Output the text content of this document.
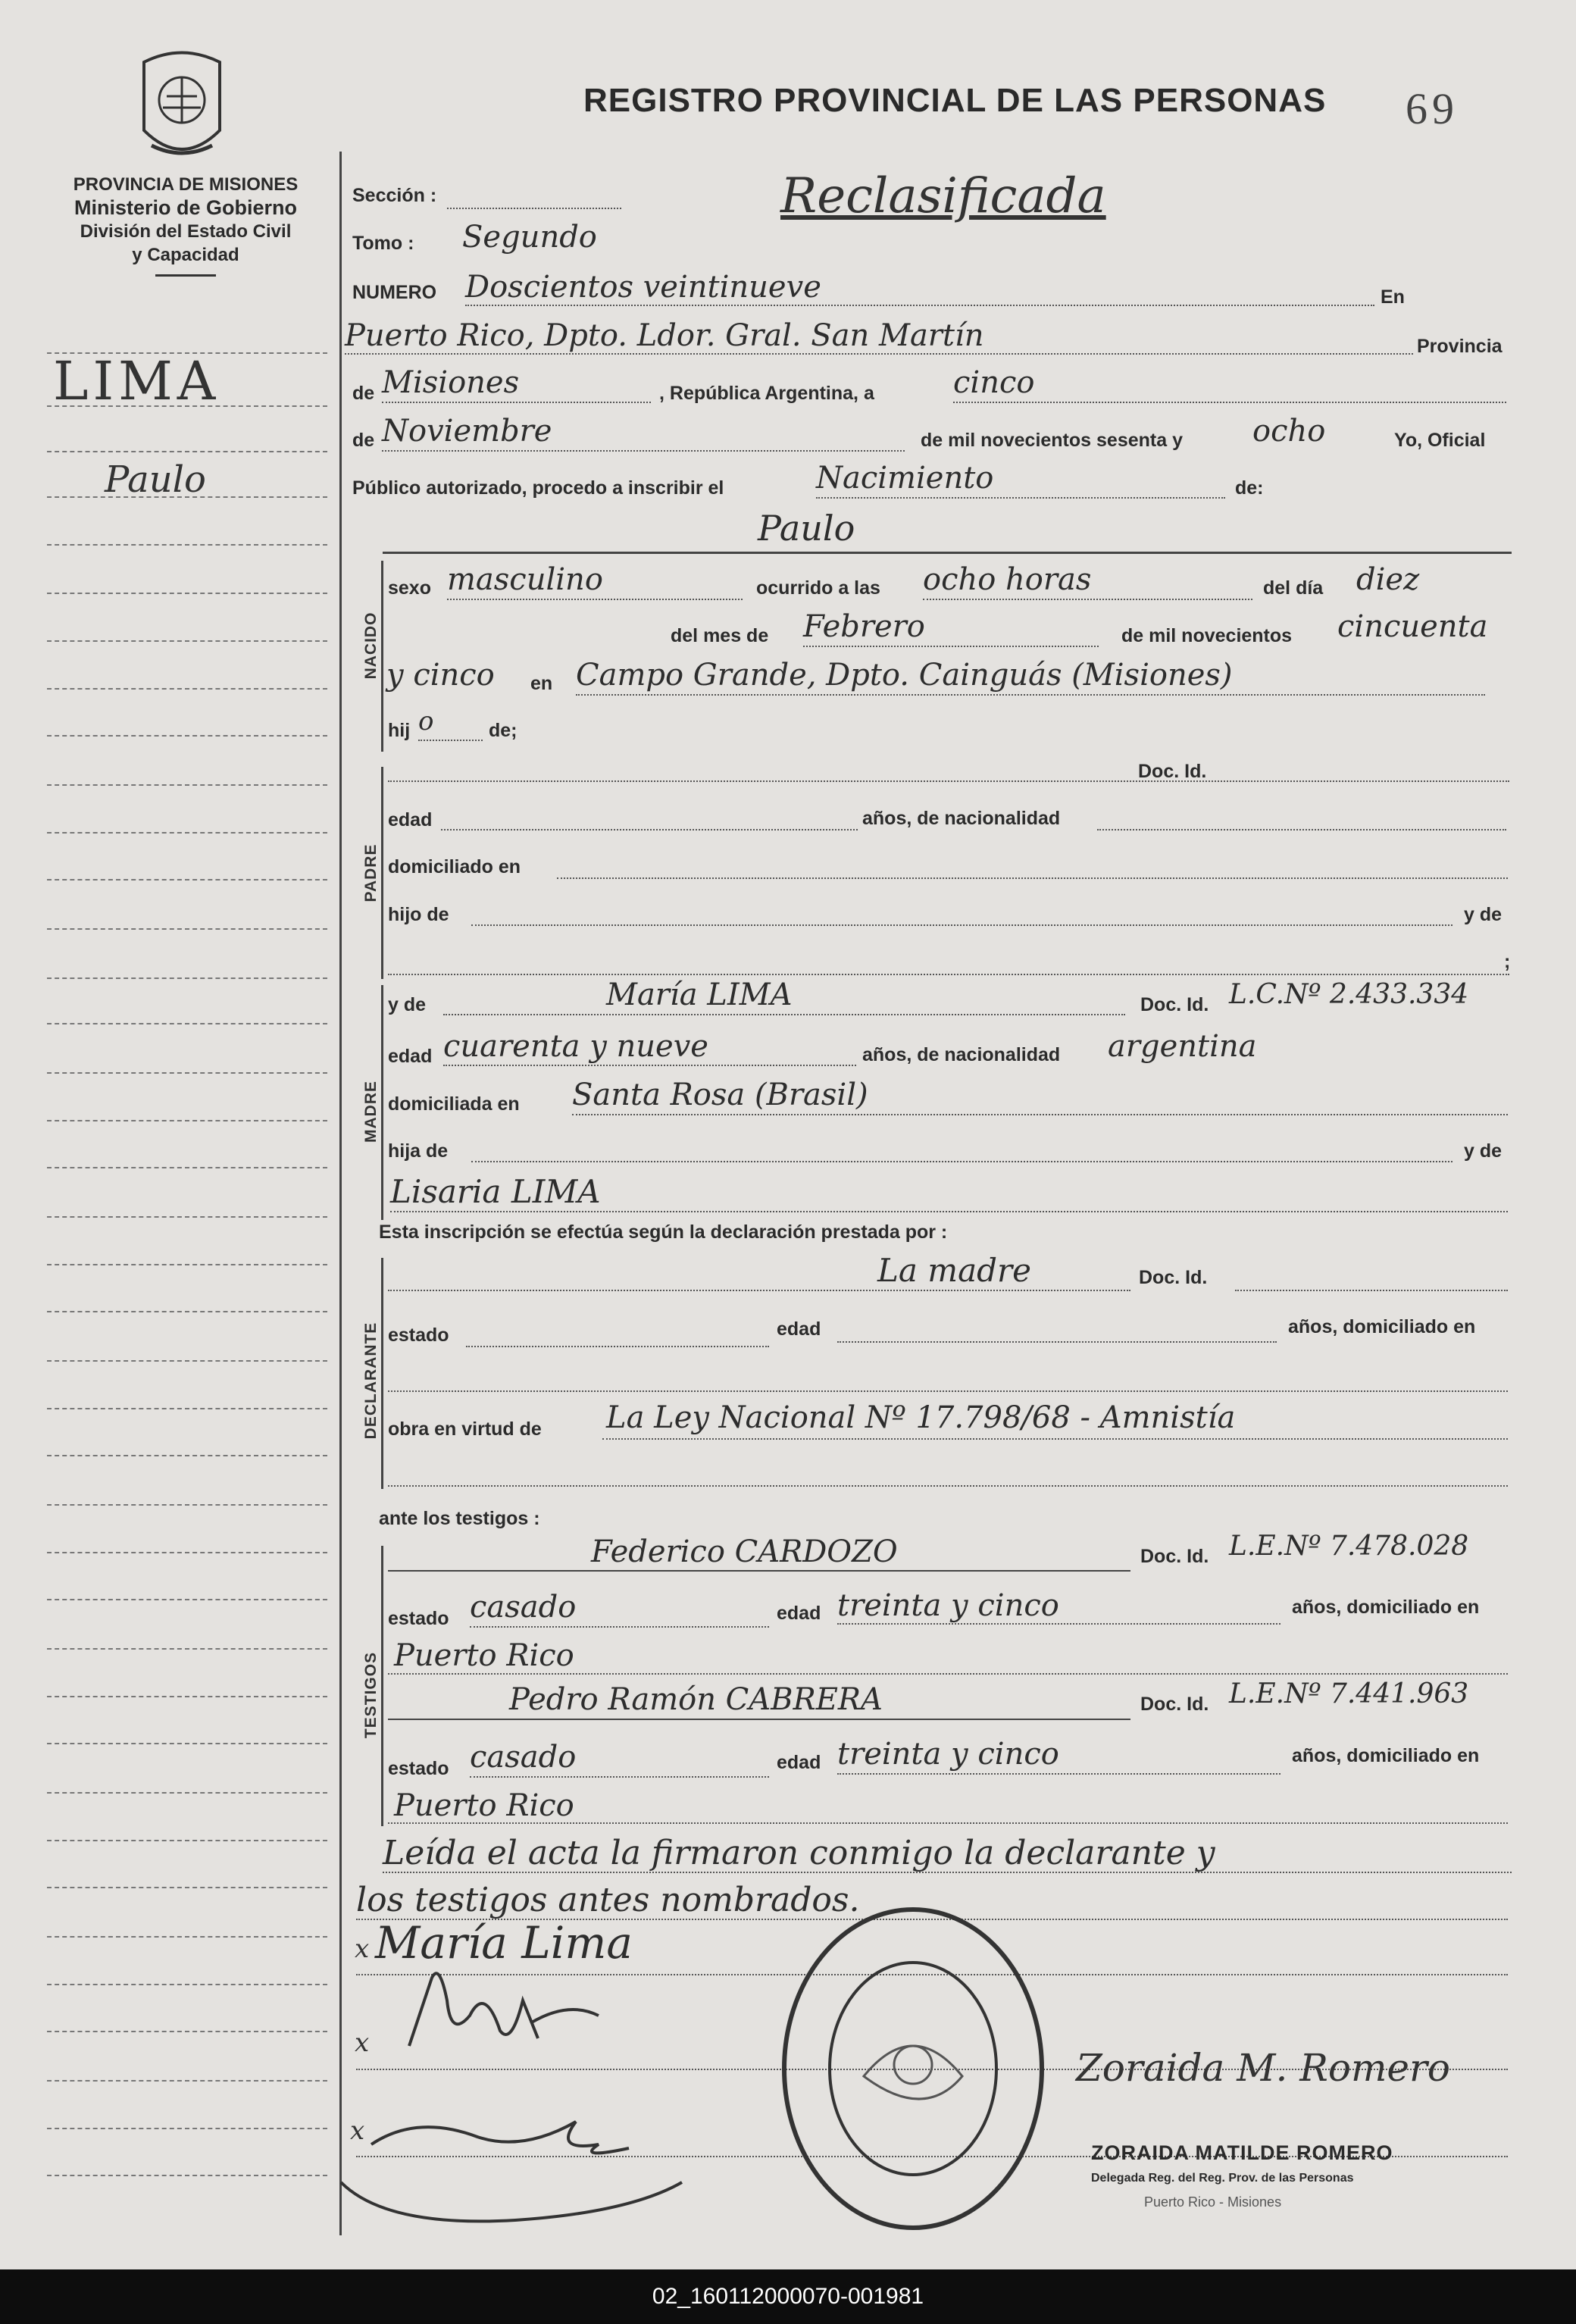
PROVINCIA DE MISIONES
Ministerio de Gobierno
División del Estado Civil
y Capacidad
REGISTRO PROVINCIAL DE LAS PERSONAS 69
Reclasificada
LIMA
Paulo
Sección :
Tomo : Segundo
NUMERO Doscientos veintinueve	En
Puerto Rico, Dpto. Ldor. Gral. San Martín	Provincia
de Misiones	, República Argentina, a	cinco
de Noviembre	de mil novecientos sesenta y ocho	Yo, Oficial
Público autorizado, procedo a inscribir el	Nacimiento	de:
Paulo
NACIDO
sexo masculino	ocurrido a las ocho horas	del día diez
del mes de Febrero	de mil novecientos cincuenta
y cinco en Campo Grande, Dpto. Cainguás (Misiones)
hij o	de;
PADRE
Doc. Id.
edad	años, de nacionalidad
domiciliado en
hijo de	y de
;
MADRE
y de	María LIMA	Doc. Id. L.C.Nº 2.433.334
edad cuarenta y nueve	años, de nacionalidad argentina
domiciliada en Santa Rosa (Brasil)
hija de	y de
Lisaria LIMA
Esta inscripción se efectúa según la declaración prestada por :
DECLARANTE
La madre	Doc. Id.
estado	edad	años, domiciliado en
obra en virtud de La Ley Nacional Nº 17.798/68 - Amnistía
ante los testigos :
TESTIGOS
Federico CARDOZO	Doc. Id. L.E.Nº 7.478.028
estado casado	edad treinta y cinco	años, domiciliado en
Puerto Rico
Pedro Ramón CABRERA	Doc. Id. L.E.Nº 7.441.963
estado casado	edad treinta y cinco	años, domiciliado en
Puerto Rico
Leída el acta la firmaron conmigo la declarante y
los testigos antes nombrados.
x María Lima
x
x
Zoraida M. Romero
ZORAIDA MATILDE ROMERO
Delegada Reg. del Reg. Prov. de las Personas
Puerto Rico - Misiones
02_160112000070-001981
